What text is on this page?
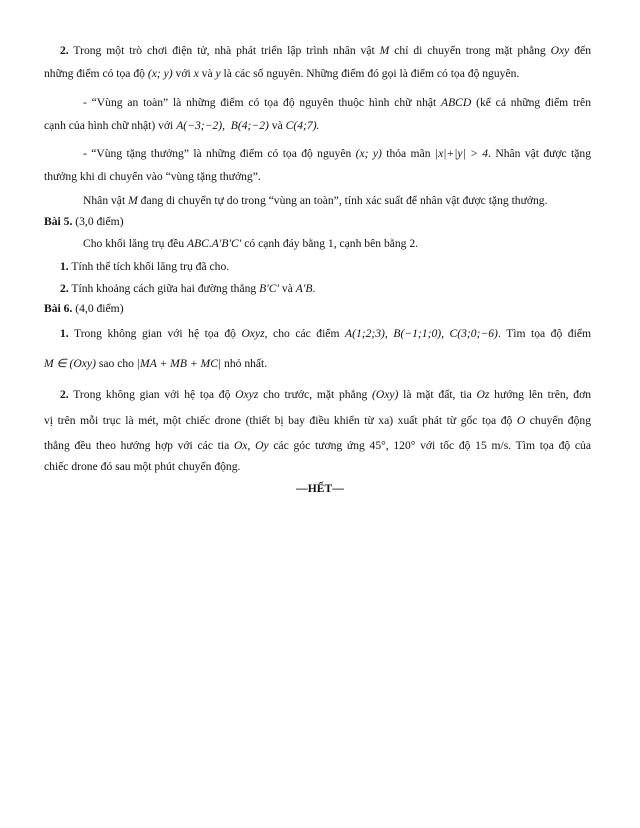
2. Trong một trò chơi điện tử, nhà phát triển lập trình nhân vật M chỉ di chuyển trong mặt phẳng Oxy đến
những điểm có tọa độ (x; y) với x và y là các số nguyên. Những điểm đó gọi là điểm có tọa độ nguyên.
- “Vùng an toàn” là những điểm có tọa độ nguyên thuộc hình chữ nhật ABCD (kể cả những điểm trên
cạnh của hình chữ nhật) với A(−3;−2), B(4;−2) và C(4;7).
- “Vùng tặng thưởng” là những điểm có tọa độ nguyên (x; y) thỏa mãn |x|+|y| > 4. Nhân vật được tặng
thưởng khi di chuyển vào “vùng tặng thưởng”.
Nhân vật M đang di chuyển tự do trong “vùng an toàn”, tính xác suất để nhân vật được tặng thưởng.
Bài 5. (3,0 điểm)
Cho khối lăng trụ đều ABC.A′B′C′ có cạnh đáy bằng 1, cạnh bên bằng 2.
1. Tính thể tích khối lăng trụ đã cho.
2. Tính khoảng cách giữa hai đường thẳng B′C′ và A′B.
Bài 6. (4,0 điểm)
1. Trong không gian với hệ tọa độ Oxyz, cho các điểm A(1;2;3), B(−1;1;0), C(3;0;−6). Tìm tọa độ điểm
M ∈ (Oxy) sao cho |MA + MB + MC| nhỏ nhất.
2. Trong không gian với hệ tọa độ Oxyz cho trước, mặt phẳng (Oxy) là mặt đất, tia Oz hướng lên trên, đơn
vị trên mỗi trục là mét, một chiếc drone (thiết bị bay điều khiển từ xa) xuất phát từ gốc tọa độ O chuyển động
thẳng đều theo hướng hợp với các tia Ox, Oy các góc tương ứng 45°, 120° với tốc độ 15 m/s. Tìm tọa độ của
chiếc drone đó sau một phút chuyển động.
—HẾT—
